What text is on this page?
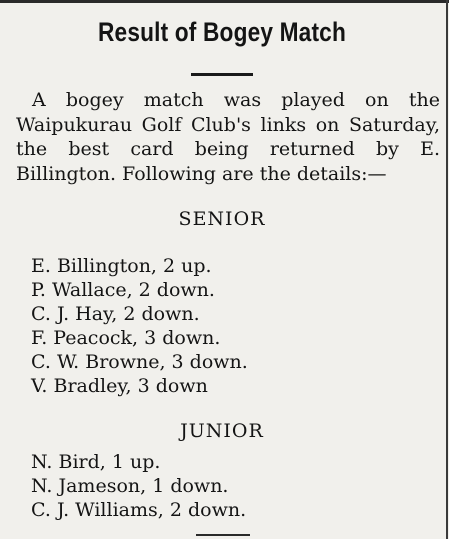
Result of Bogey Match

A bogey match was played on the Waipukurau Golf Club's links on Saturday, the best card being returned by E. Billington. Following are the details:—

SENIOR
E. Billington, 2 up.
P. Wallace, 2 down.
C. J. Hay, 2 down.
F. Peacock, 3 down.
C. W. Browne, 3 down.
V. Bradley, 3 down
JUNIOR
N. Bird, 1 up.
N. Jameson, 1 down.
C. J. Williams, 2 down.
